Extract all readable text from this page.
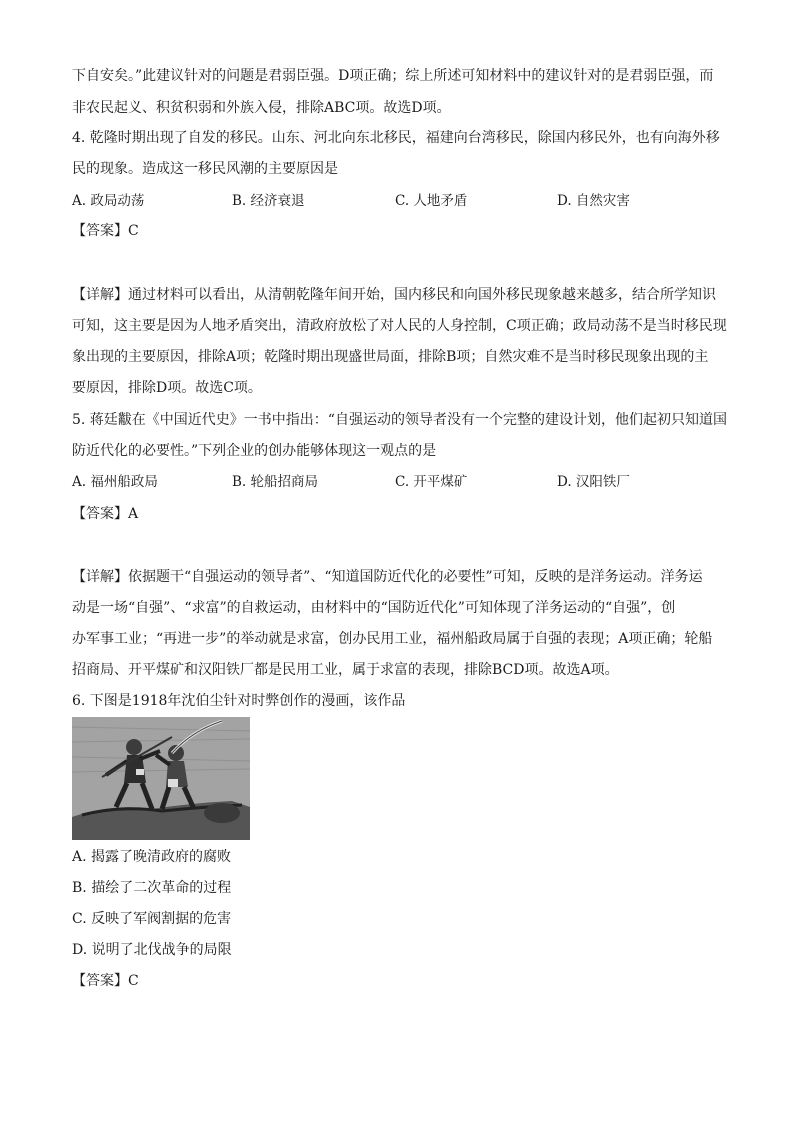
下自安矣。”此建议针对的问题是君弱臣强。D项正确；综上所述可知材料中的建议针对的是君弱臣强，而
非农民起义、积贫积弱和外族入侵，排除ABC项。故选D项。
4. 乾隆时期出现了自发的移民。山东、河北向东北移民，福建向台湾移民，除国内移民外，也有向海外移
民的现象。造成这一移民风潮的主要原因是
A. 政局动荡	B. 经济衰退	C. 人地矛盾	D. 自然灾害
【答案】C
【详解】通过材料可以看出，从清朝乾隆年间开始，国内移民和向国外移民现象越来越多，结合所学知识
可知，这主要是因为人地矛盾突出，清政府放松了对人民的人身控制，C项正确；政局动荡不是当时移民现
象出现的主要原因，排除A项；乾隆时期出现盛世局面，排除B项；自然灾难不是当时移民现象出现的主
要原因，排除D项。故选C项。
5. 蒋廷黻在《中国近代史》一书中指出：“自强运动的领导者没有一个完整的建设计划，他们起初只知道国
防近代化的必要性。”下列企业的创办能够体现这一观点的是
A. 福州船政局	B. 轮船招商局	C. 开平煤矿	D. 汉阳铁厂
【答案】A
【详解】依据题干“自强运动的领导者”、“知道国防近代化的必要性”可知，反映的是洋务运动。洋务运
动是一场“自强”、“求富”的自救运动，由材料中的“国防近代化”可知体现了洋务运动的“自强”，创
办军事工业；“再进一步”的举动就是求富，创办民用工业，福州船政局属于自强的表现；A项正确；轮船
招商局、开平煤矿和汉阳铁厂都是民用工业，属于求富的表现，排除BCD项。故选A项。
6. 下图是1918年沈伯尘针对时弊创作的漫画，该作品
A. 揭露了晚清政府的腐败
B. 描绘了二次革命的过程
C. 反映了军阀割据的危害
D. 说明了北伐战争的局限
【答案】C
